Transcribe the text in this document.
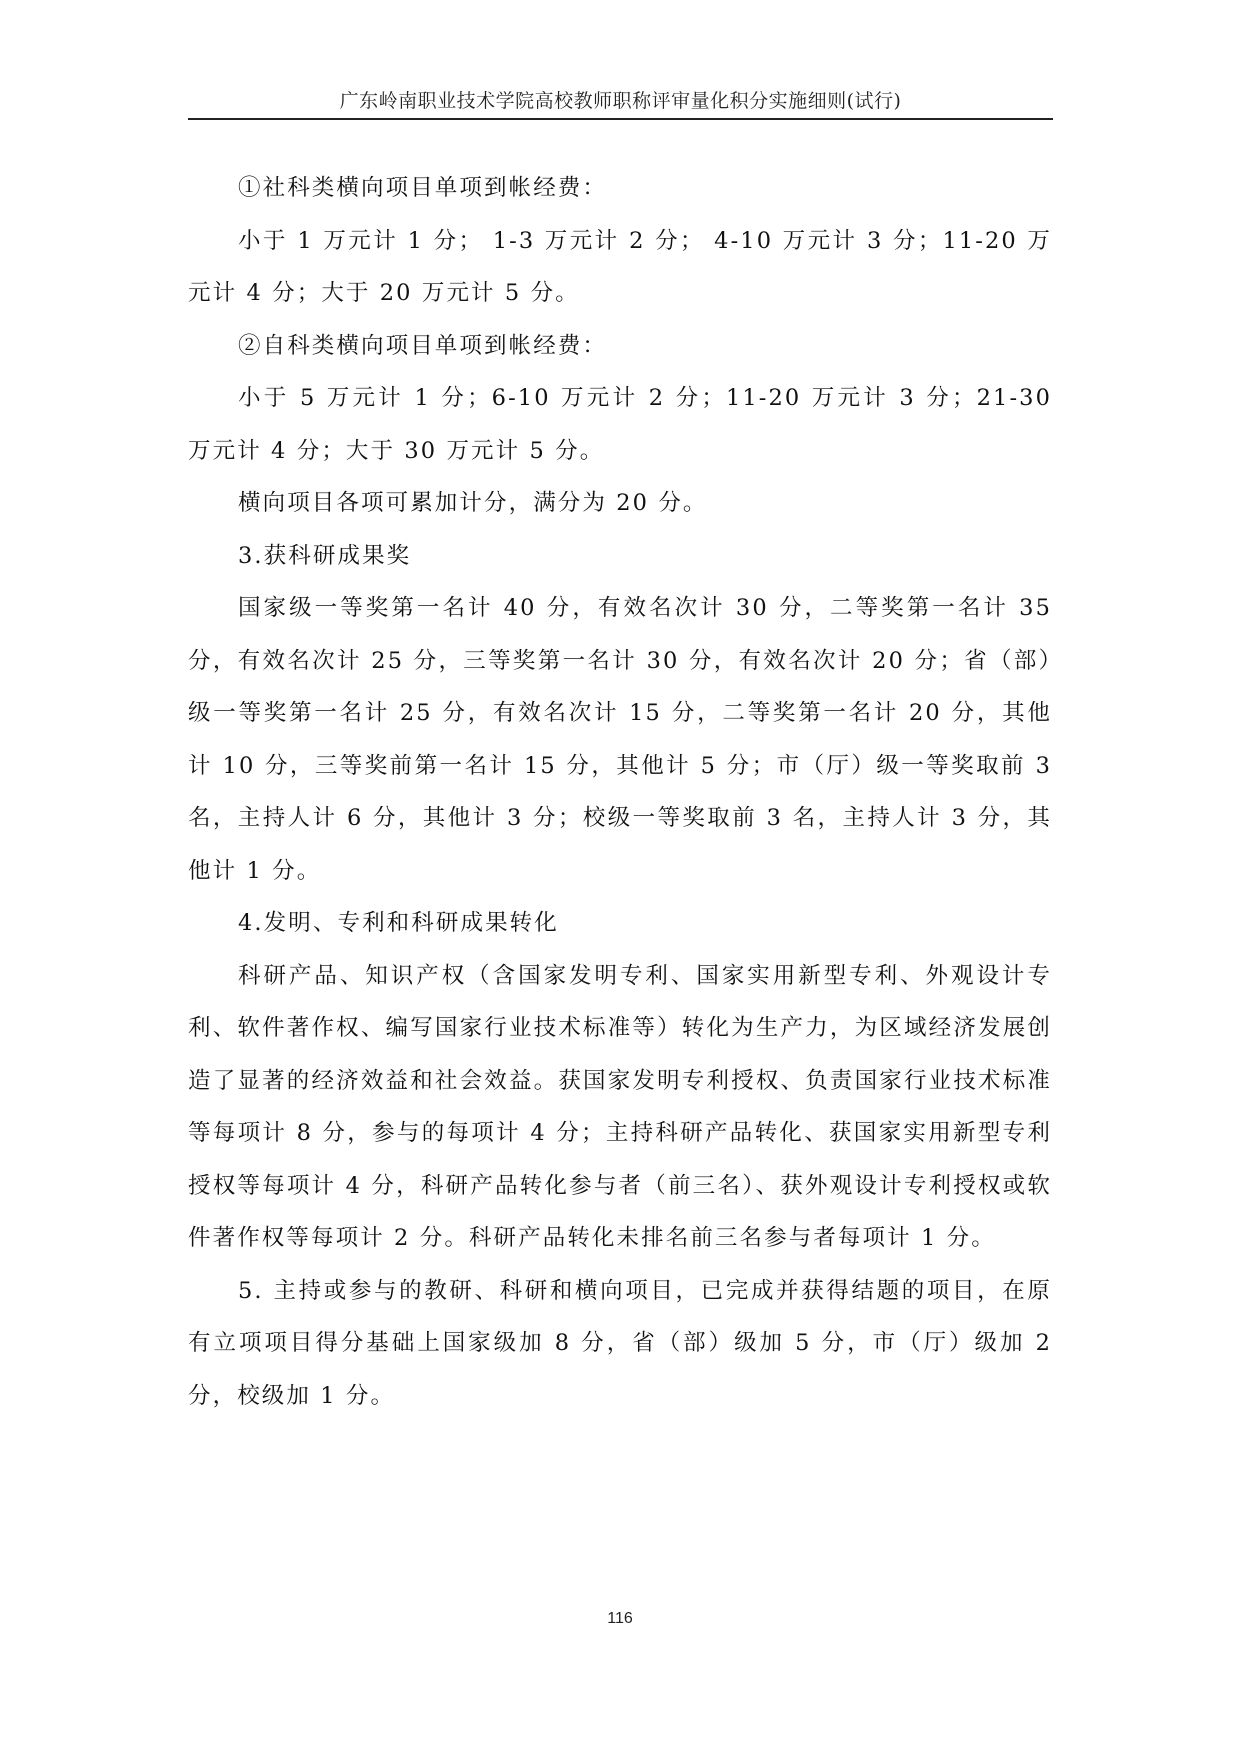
广东岭南职业技术学院高校教师职称评审量化积分实施细则(试行)

①社科类横向项目单项到帐经费：

小于 1 万元计 1 分； 1-3 万元计 2 分； 4-10 万元计 3 分；11-20 万元计 4 分；大于 20 万元计 5 分。

②自科类横向项目单项到帐经费：

小于 5 万元计 1 分；6-10 万元计 2 分；11-20 万元计 3 分；21-30 万元计 4 分；大于 30 万元计 5 分。

横向项目各项可累加计分，满分为 20 分。

3.获科研成果奖

国家级一等奖第一名计 40 分，有效名次计 30 分，二等奖第一名计 35 分，有效名次计 25 分，三等奖第一名计 30 分，有效名次计 20 分；省（部）级一等奖第一名计 25 分，有效名次计 15 分，二等奖第一名计 20 分，其他计 10 分，三等奖前第一名计 15 分，其他计 5 分；市（厅）级一等奖取前 3 名，主持人计 6 分，其他计 3 分；校级一等奖取前 3 名，主持人计 3 分，其他计 1 分。

4.发明、专利和科研成果转化

科研产品、知识产权（含国家发明专利、国家实用新型专利、外观设计专利、软件著作权、编写国家行业技术标准等）转化为生产力，为区域经济发展创造了显著的经济效益和社会效益。获国家发明专利授权、负责国家行业技术标准等每项计 8 分，参与的每项计 4 分；主持科研产品转化、获国家实用新型专利授权等每项计 4 分，科研产品转化参与者（前三名）、获外观设计专利授权或软件著作权等每项计 2 分。科研产品转化未排名前三名参与者每项计 1 分。

5. 主持或参与的教研、科研和横向项目，已完成并获得结题的项目，在原有立项项目得分基础上国家级加 8 分，省（部）级加 5 分，市（厅）级加 2 分，校级加 1 分。

116
